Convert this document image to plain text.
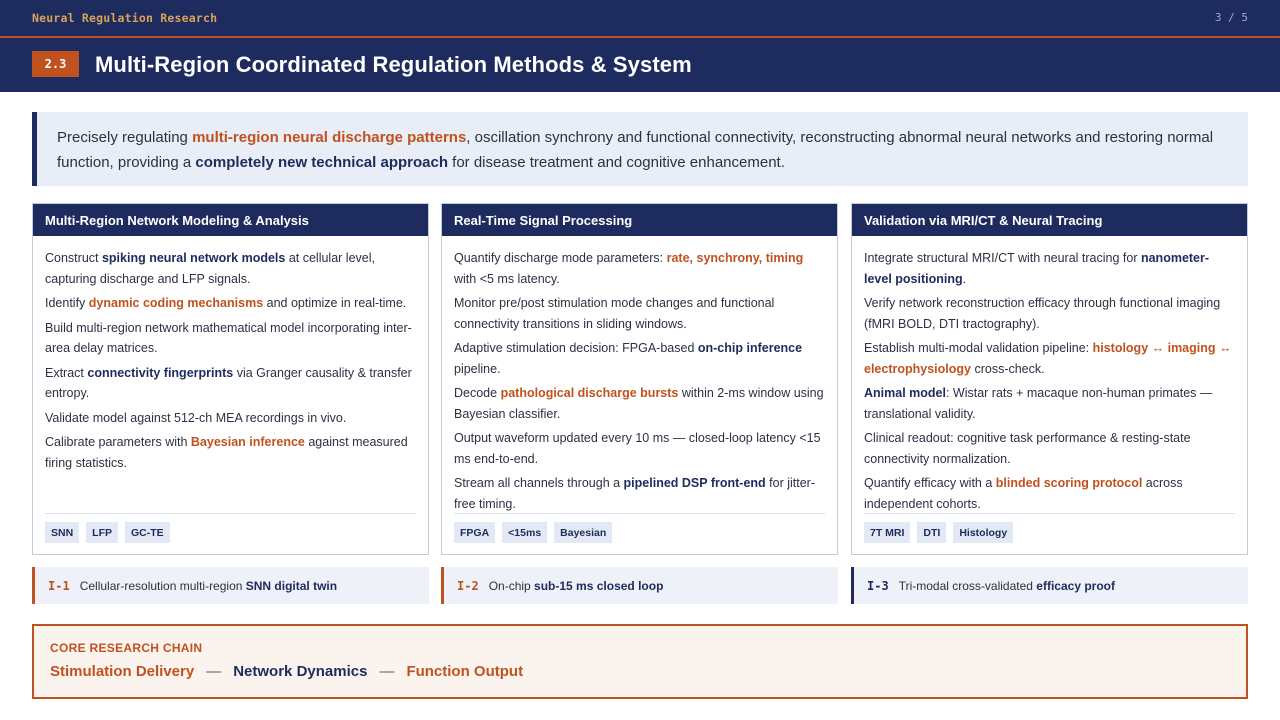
Neural Regulation Research	3 / 5
2.3	Multi-Region Coordinated Regulation Methods & System
Precisely regulating multi-region neural discharge patterns, oscillation synchrony and functional connectivity, reconstructing abnormal neural networks and restoring normal function, providing a completely new technical approach for disease treatment and cognitive enhancement.
Multi-Region Network Modeling & Analysis

Construct spiking neural network models at cellular level, capturing discharge and LFP signals.

Identify dynamic coding mechanisms and optimize in real-time.

Build multi-region network mathematical model incorporating inter-area delay matrices.

Extract connectivity fingerprints via Granger causality & transfer entropy.

Validate model against 512-ch MEA recordings in vivo.

Calibrate parameters with Bayesian inference against measured firing statistics.

SNN	LFP	GC-TE
Real-Time Signal Processing

Quantify discharge mode parameters: rate, synchrony, timing with <5 ms latency.

Monitor pre/post stimulation mode changes and functional connectivity transitions in sliding windows.

Adaptive stimulation decision: FPGA-based on-chip inference pipeline.

Decode pathological discharge bursts within 2-ms window using Bayesian classifier.

Output waveform updated every 10 ms — closed-loop latency <15 ms end-to-end.

Stream all channels through a pipelined DSP front-end for jitter-free timing.

FPGA	<15ms	Bayesian
Validation via MRI/CT & Neural Tracing

Integrate structural MRI/CT with neural tracing for nanometer-level positioning.

Verify network reconstruction efficacy through functional imaging (fMRI BOLD, DTI tractography).

Establish multi-modal validation pipeline: histology ↔ imaging ↔ electrophysiology cross-check.

Animal model: Wistar rats + macaque non-human primates — translational validity.

Clinical readout: cognitive task performance & resting-state connectivity normalization.

Quantify efficacy with a blinded scoring protocol across independent cohorts.

7T MRI	DTI	Histology
I-1 Cellular-resolution multi-region SNN digital twin	I-2 On-chip sub-15 ms closed loop	I-3 Tri-modal cross-validated efficacy proof
CORE RESEARCH CHAIN
Stimulation Delivery — Network Dynamics — Function Output
